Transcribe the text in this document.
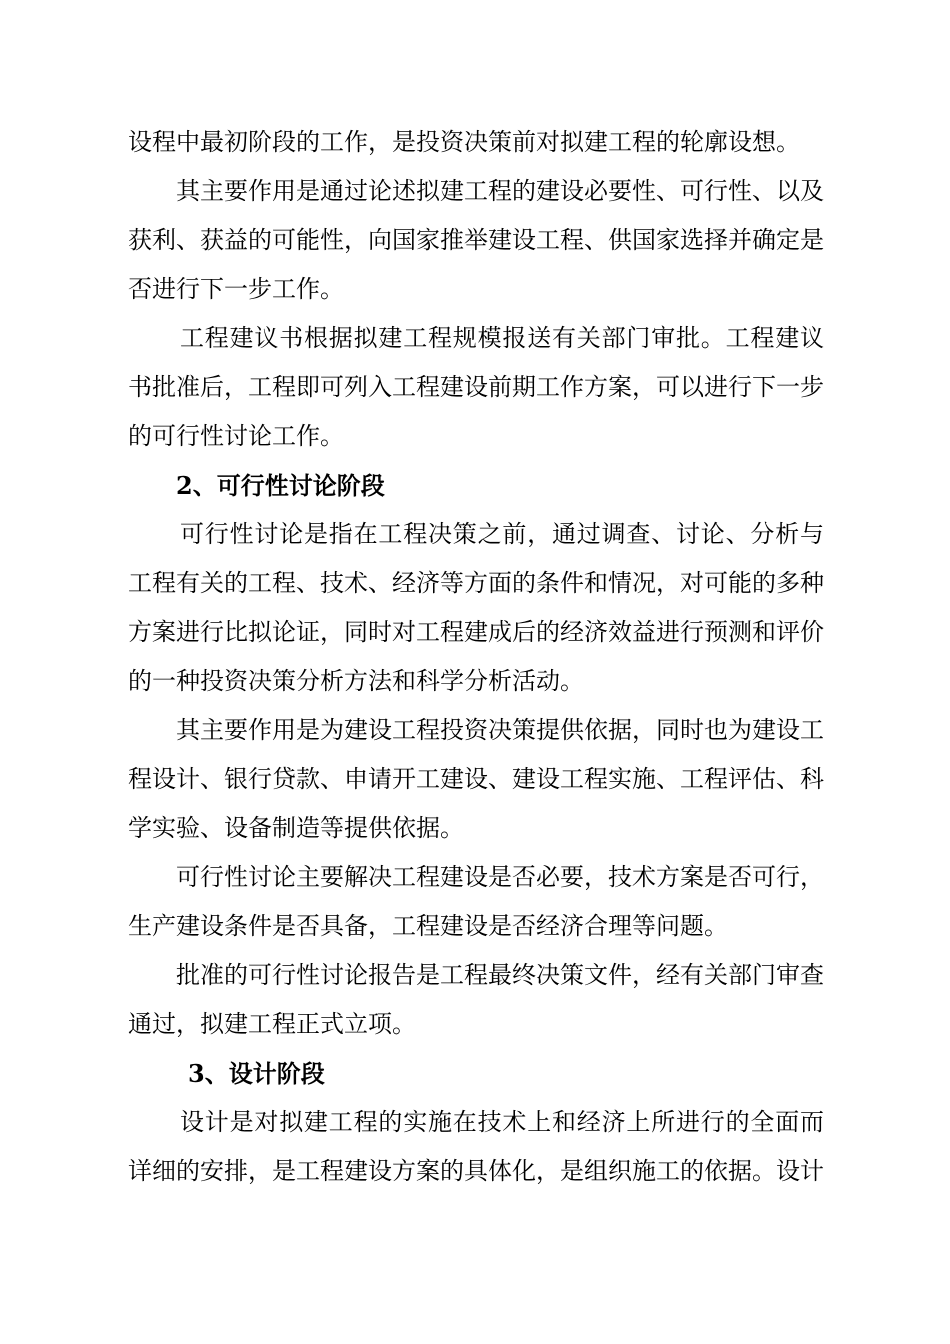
设程中最初阶段的工作，是投资决策前对拟建工程的轮廓设想。

其主要作用是通过论述拟建工程的建设必要性、可行性、以及获利、获益的可能性，向国家推举建设工程、供国家选择并确定是否进行下一步工作。

工程建议书根据拟建工程规模报送有关部门审批。工程建议书批准后，工程即可列入工程建设前期工作方案，可以进行下一步的可行性讨论工作。

2、可行性讨论阶段

可行性讨论是指在工程决策之前，通过调查、讨论、分析与工程有关的工程、技术、经济等方面的条件和情况，对可能的多种方案进行比拟论证，同时对工程建成后的经济效益进行预测和评价的一种投资决策分析方法和科学分析活动。

其主要作用是为建设工程投资决策提供依据，同时也为建设工程设计、银行贷款、申请开工建设、建设工程实施、工程评估、科学实验、设备制造等提供依据。

可行性讨论主要解决工程建设是否必要，技术方案是否可行，生产建设条件是否具备，工程建设是否经济合理等问题。

批准的可行性讨论报告是工程最终决策文件，经有关部门审查通过，拟建工程正式立项。

3、设计阶段

设计是对拟建工程的实施在技术上和经济上所进行的全面而详细的安排，是工程建设方案的具体化，是组织施工的依据。设计
